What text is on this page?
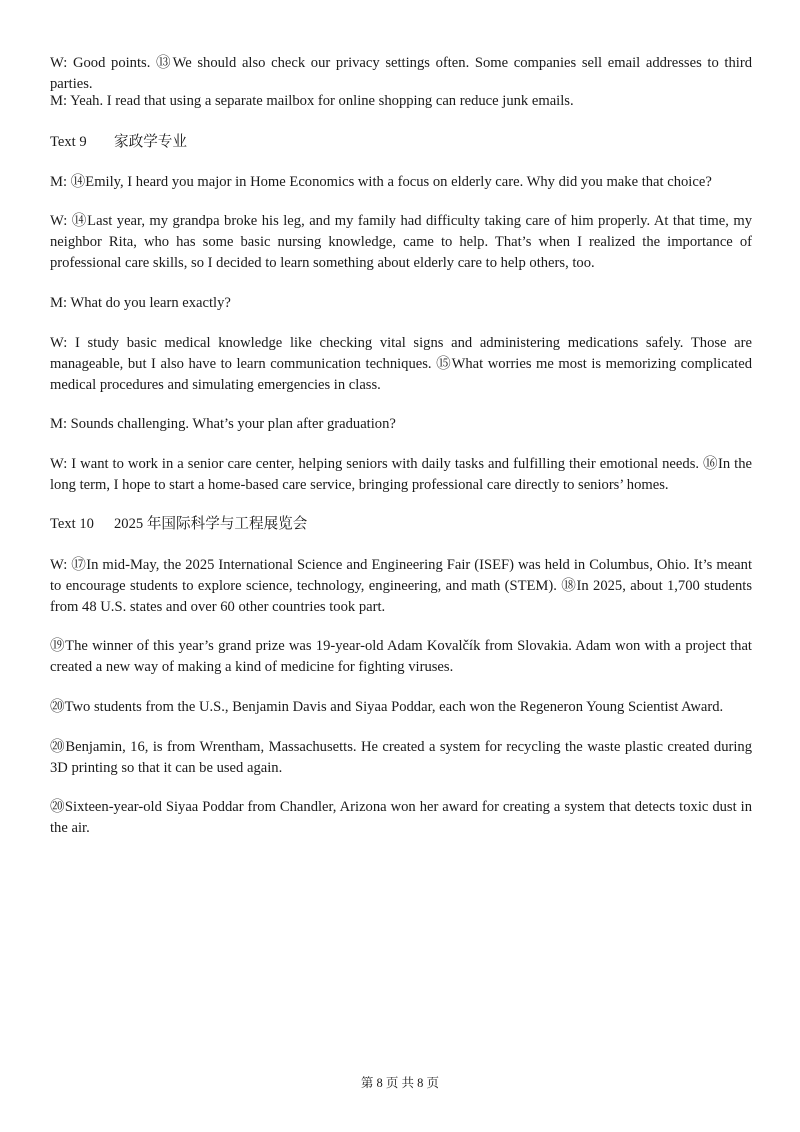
W: Good points. ⑬We should also check our privacy settings often. Some companies sell email addresses to third parties.

M: Yeah. I read that using a separate mailbox for online shopping can reduce junk emails.

Text 9	家政学专业

M: ⑭Emily, I heard you major in Home Economics with a focus on elderly care. Why did you make that choice?

W: ⑭Last year, my grandpa broke his leg, and my family had difficulty taking care of him properly. At that time, my neighbor Rita, who has some basic nursing knowledge, came to help. That’s when I realized the importance of professional care skills, so I decided to learn something about elderly care to help others, too.

M: What do you learn exactly?

W: I study basic medical knowledge like checking vital signs and administering medications safely. Those are manageable, but I also have to learn communication techniques. ⑮What worries me most is memorizing complicated medical procedures and simulating emergencies in class.

M: Sounds challenging. What’s your plan after graduation?

W: I want to work in a senior care center, helping seniors with daily tasks and fulfilling their emotional needs. ⑯In the long term, I hope to start a home-based care service, bringing professional care directly to seniors’ homes.

Text 10	2025 年国际科学与工程展览会

W: ⑰In mid-May, the 2025 International Science and Engineering Fair (ISEF) was held in Columbus, Ohio. It’s meant to encourage students to explore science, technology, engineering, and math (STEM). ⑱In 2025, about 1,700 students from 48 U.S. states and over 60 other countries took part.

⑲The winner of this year’s grand prize was 19-year-old Adam Kovalčík from Slovakia. Adam won with a project that created a new way of making a kind of medicine for fighting viruses.

⑳Two students from the U.S., Benjamin Davis and Siyaa Poddar, each won the Regeneron Young Scientist Award.

⑳Benjamin, 16, is from Wrentham, Massachusetts. He created a system for recycling the waste plastic created during 3D printing so that it can be used again.

⑳Sixteen-year-old Siyaa Poddar from Chandler, Arizona won her award for creating a system that detects toxic dust in the air.

第 8 页 共 8 页
